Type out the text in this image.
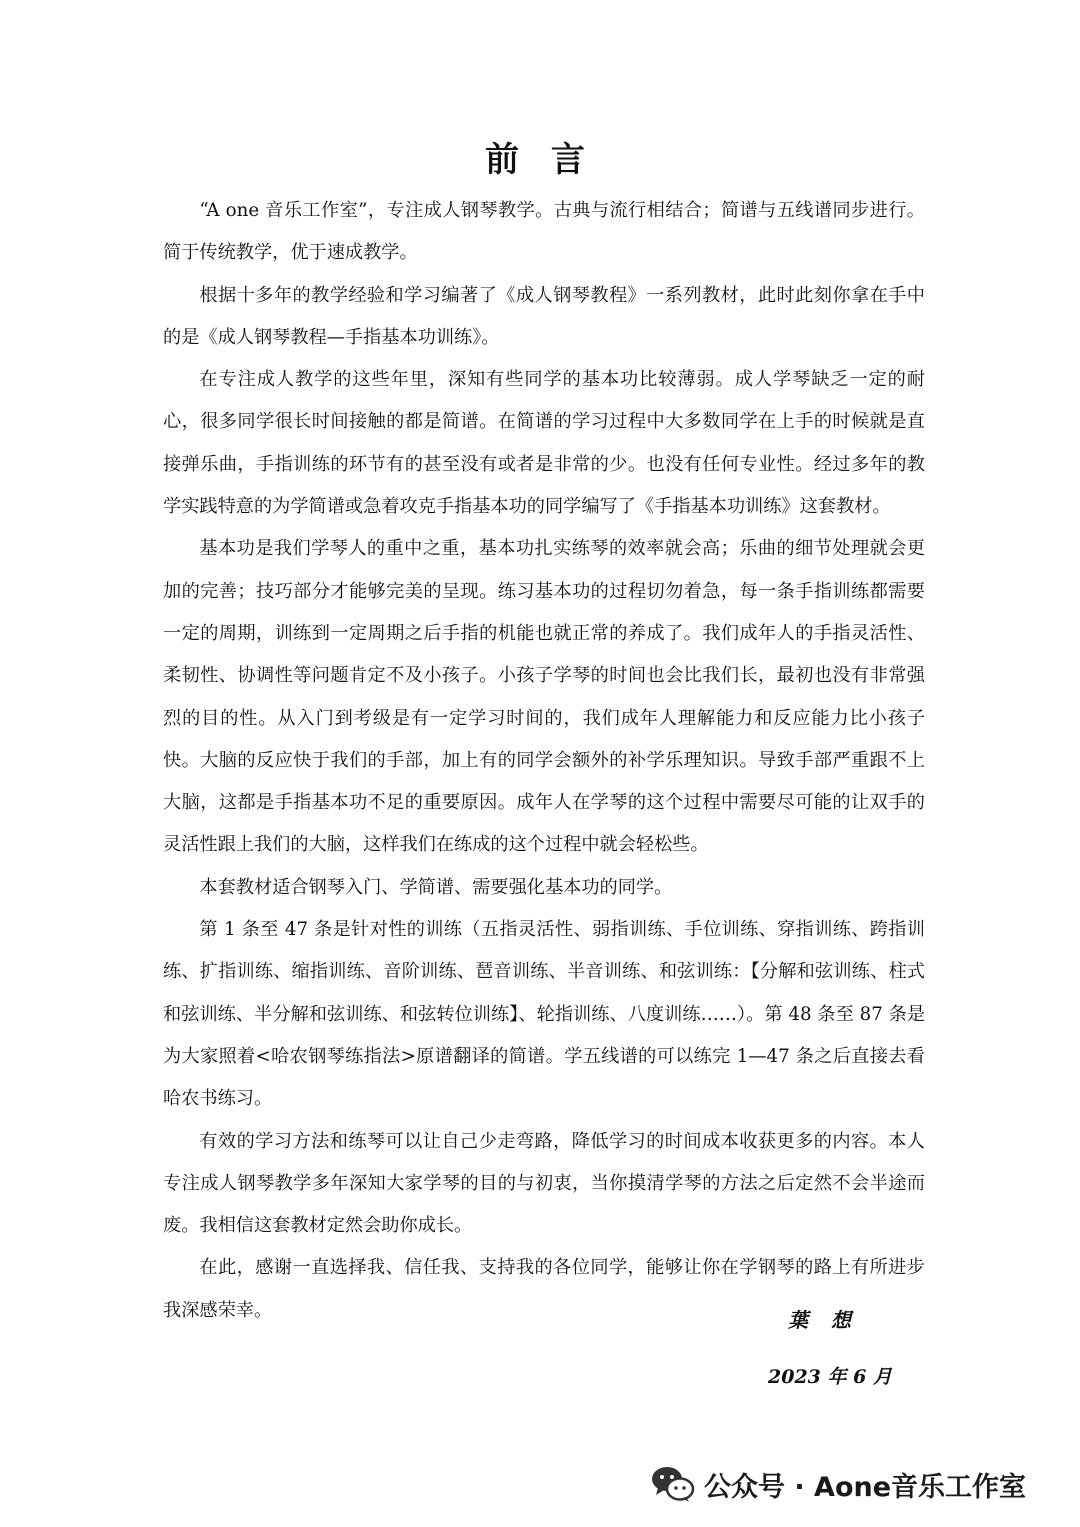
前 言

“A one 音乐工作室”，专注成人钢琴教学。古典与流行相结合；简谱与五线谱同步进行。简于传统教学，优于速成教学。

根据十多年的教学经验和学习编著了《成人钢琴教程》一系列教材，此时此刻你拿在手中的是《成人钢琴教程—手指基本功训练》。

在专注成人教学的这些年里，深知有些同学的基本功比较薄弱。成人学琴缺乏一定的耐心，很多同学很长时间接触的都是简谱。在简谱的学习过程中大多数同学在上手的时候就是直接弹乐曲，手指训练的环节有的甚至没有或者是非常的少。也没有任何专业性。经过多年的教学实践特意的为学简谱或急着攻克手指基本功的同学编写了《手指基本功训练》这套教材。

基本功是我们学琴人的重中之重，基本功扎实练琴的效率就会高；乐曲的细节处理就会更加的完善；技巧部分才能够完美的呈现。练习基本功的过程切勿着急，每一条手指训练都需要一定的周期，训练到一定周期之后手指的机能也就正常的养成了。我们成年人的手指灵活性、柔韧性、协调性等问题肯定不及小孩子。小孩子学琴的时间也会比我们长，最初也没有非常强烈的目的性。从入门到考级是有一定学习时间的，我们成年人理解能力和反应能力比小孩子快。大脑的反应快于我们的手部，加上有的同学会额外的补学乐理知识。导致手部严重跟不上大脑，这都是手指基本功不足的重要原因。成年人在学琴的这个过程中需要尽可能的让双手的灵活性跟上我们的大脑，这样我们在练成的这个过程中就会轻松些。

本套教材适合钢琴入门、学简谱、需要强化基本功的同学。

第 1 条至 47 条是针对性的训练（五指灵活性、弱指训练、手位训练、穿指训练、跨指训练、扩指训练、缩指训练、音阶训练、琶音训练、半音训练、和弦训练：【分解和弦训练、柱式和弦训练、半分解和弦训练、和弦转位训练】、轮指训练、八度训练……）。第 48 条至 87 条是为大家照着<哈农钢琴练指法>原谱翻译的简谱。学五线谱的可以练完 1—47 条之后直接去看哈农书练习。

有效的学习方法和练琴可以让自己少走弯路，降低学习的时间成本收获更多的内容。本人专注成人钢琴教学多年深知大家学琴的目的与初衷，当你摸清学琴的方法之后定然不会半途而废。我相信这套教材定然会助你成长。

在此，感谢一直选择我、信任我、支持我的各位同学，能够让你在学钢琴的路上有所进步我深感荣幸。	葉 想
2023 年 6 月
公众号 · Aone音乐工作室
